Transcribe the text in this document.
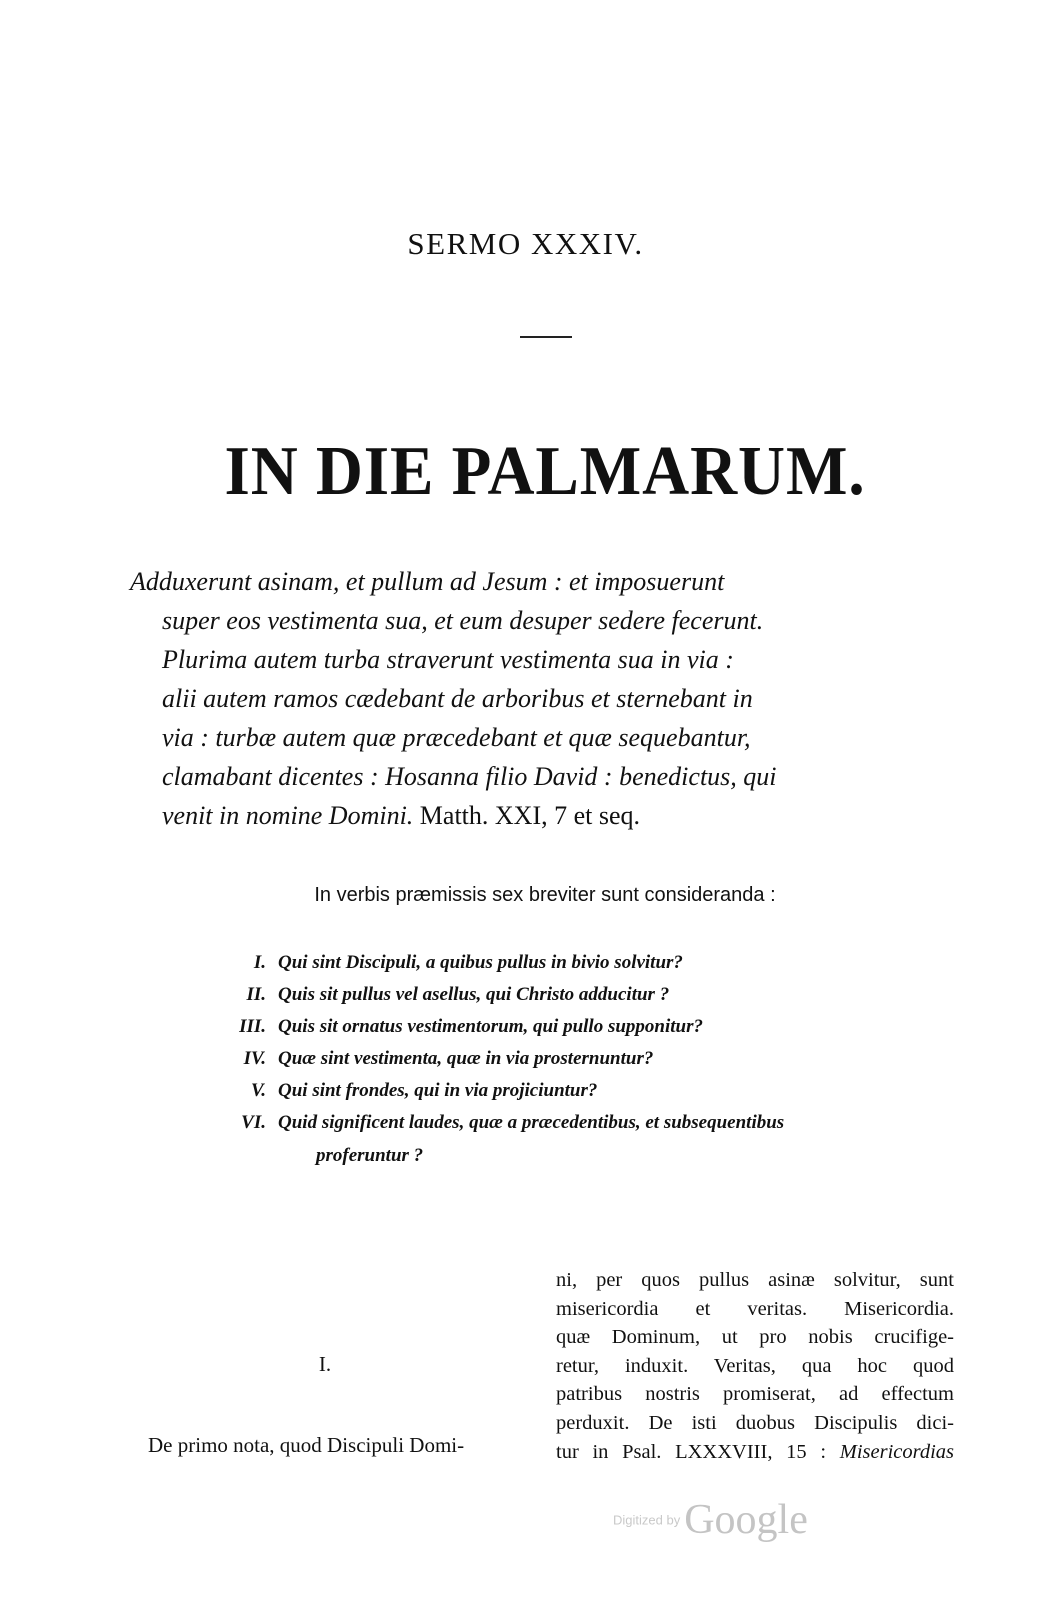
SERMO XXXIV.
IN DIE PALMARUM.
Adduxerunt asinam, et pullum ad Jesum : et imposuerunt
super eos vestimenta sua, et eum desuper sedere fecerunt.
Plurima autem turba straverunt vestimenta sua in via :
alii autem ramos cædebant de arboribus et sternebant in
via : turbæ autem quæ præcedebant et quæ sequebantur,
clamabant dicentes : Hosanna filio David : benedictus, qui
venit in nomine Domini. Matth. XXI, 7 et seq.
In verbis præmissis sex breviter sunt consideranda :
I. Qui sint Discipuli, a quibus pullus in bivio solvitur?
II. Quis sit pullus vel asellus, qui Christo adducitur ?
III. Quis sit ornatus vestimentorum, qui pullo supponitur?
IV. Quæ sint vestimenta, quæ in via prosternuntur?
V. Qui sint frondes, qui in via projiciuntur?
VI. Quid significent laudes, quæ a præcedentibus, et subsequentibus
proferuntur ?
I.
De primo nota, quod Discipuli Domi-
ni, per quos pullus asinæ solvitur, sunt
misericordia et veritas. Misericordia.
quæ Dominum, ut pro nobis crucifige-
retur, induxit. Veritas, qua hoc quod
patribus nostris promiserat, ad effectum
perduxit. De isti duobus Discipulis dici-
tur in Psal. LXXXVIII, 15 : Misericordias
Digitized by Google
